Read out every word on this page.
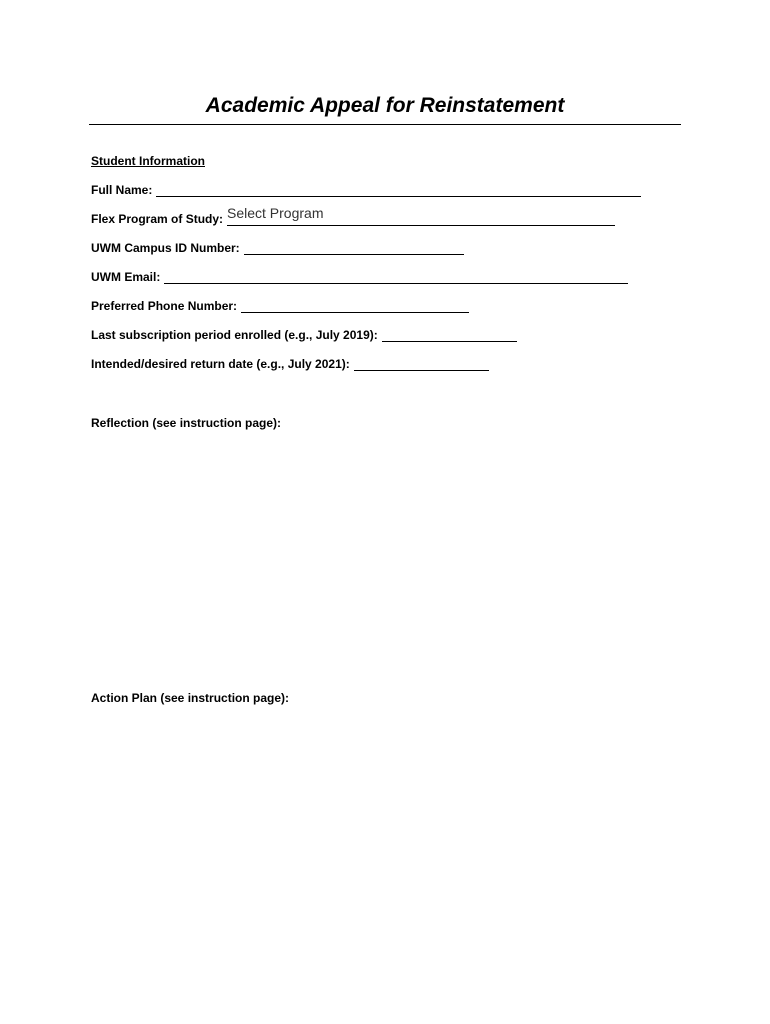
Academic Appeal for Reinstatement
Student Information
Full Name:
Flex Program of Study: Select Program
UWM Campus ID Number:
UWM Email:
Preferred Phone Number:
Last subscription period enrolled (e.g., July 2019):
Intended/desired return date (e.g., July 2021):
Reflection (see instruction page):
Action Plan (see instruction page):
